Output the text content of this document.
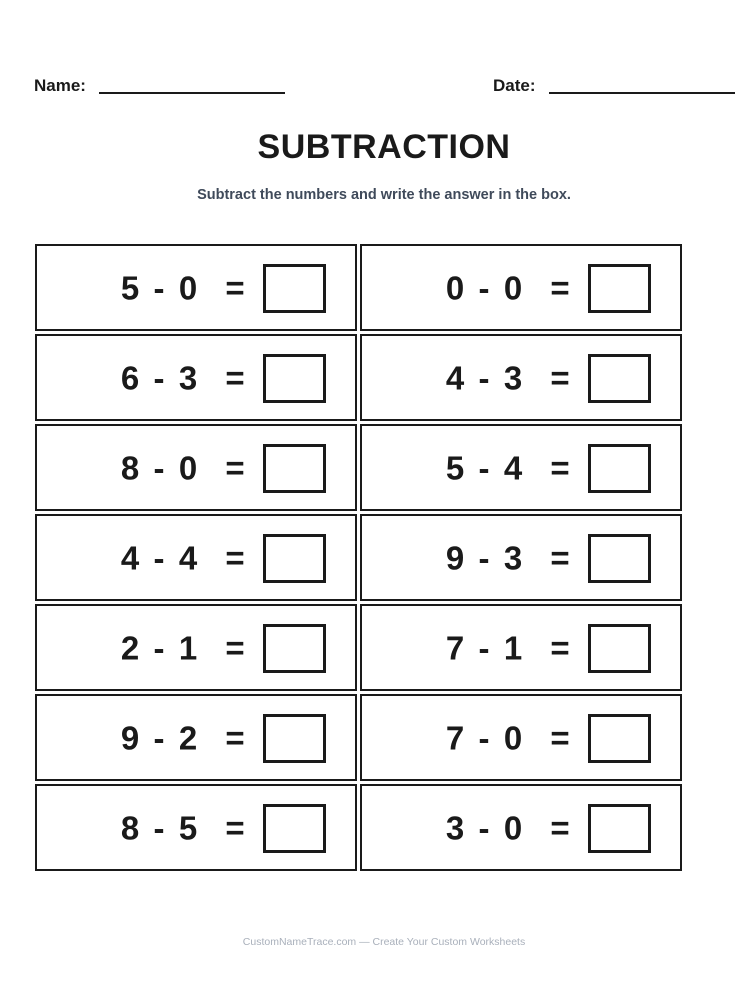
Name:	Date:
SUBTRACTION
Subtract the numbers and write the answer in the box.
5 - 0 =	0 - 0 =
6 - 3 =	4 - 3 =
8 - 0 =	5 - 4 =
4 - 4 =	9 - 3 =
2 - 1 =	7 - 1 =
9 - 2 =	7 - 0 =
8 - 5 =	3 - 0 =
CustomNameTrace.com — Create Your Custom Worksheets
